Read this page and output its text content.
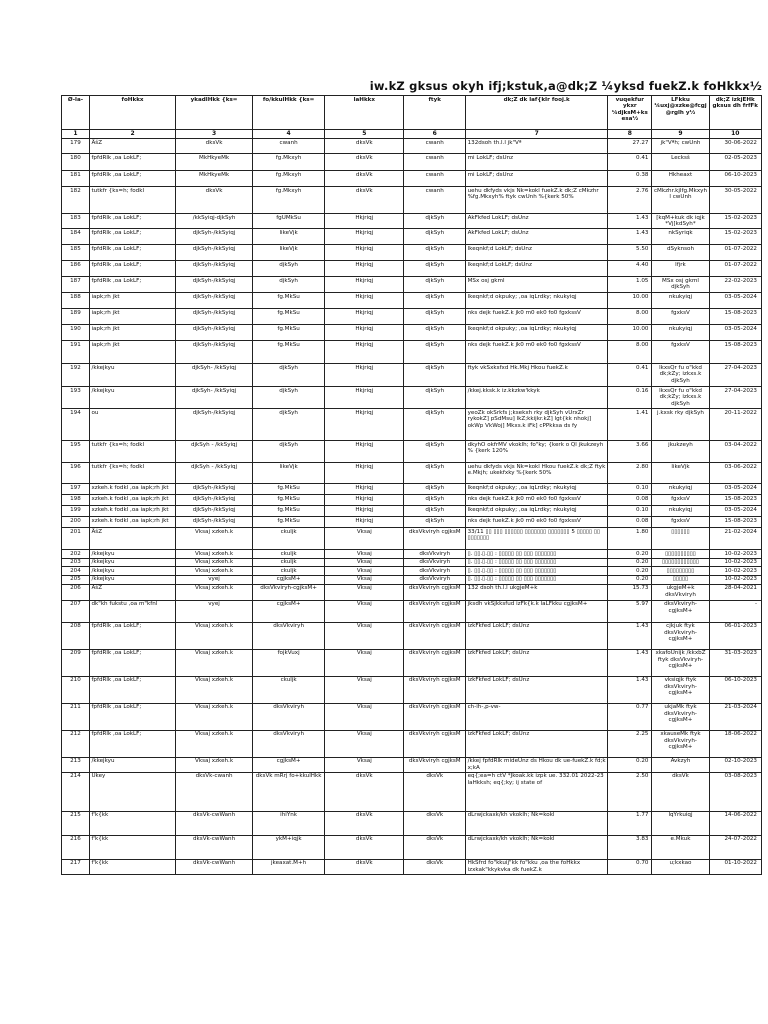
iw.kZ gksus okyh ifj;kstuk,a@dk;Z ¼yksd fuekZ.k foHkkx½
Ø-la-	foHkkx	ykadlHkk {ks=	fo/kkulHkk {ks=	laHkkx	ftyk	dk;Z dk laf{kIr fooj.k	vuqekfur ykxr ¼djksM+ks esa½	LFkku ¼uxj@xzke@fcgj@rglh y½	dk;Z izkjEHk gksus dh frfFk
1	2	3	4	5	6	7	8	9	10
179	ÄšZ	dksVk	cwanh	dksVk	cwanh	132dsoh th.l.l jk"Vª	27.27	jk"Vªh; cwUnh	30-06-2022
180	fpfdRlk ,oa LokLF;	MkHkyeMk	fg.Mkxyh	dksVk	cwanh	mi LokLF; dsUnz	0.41	Lecksš	02-05-2023
181	fpfdRlk ,oa LokLF;	MkHkyeMk	fg.Mkxyh	dksVk	cwanh	mi LokLF; dsUnz	0.38	Hkheaxt	06-10-2023
182	tutkfr {ks=h; fodkl	dksVk	fg.Mkxyh	dksVk	cwanh	uehu dkfyds vkjs Nk=kokl fuekZ.k dk;Z cMkzhr %fg.Mkxyh% ftyk cwUnh %{kerk 50%	2.76	cMkzhr.kjlfg.Mkxyhl cwUnh	30-05-2022
183	fpfdRlk ,oa LokLF;	/kkSyiqj-djkSyh	fgUMkSu	Hkjriqj	djkSyh	AkFkfed LokLF; dsUnz	1.43	[kqM+kuk dk iqjk *Vj[kdSyh*	15-02-2023
184	fpfdRlk ,oa LokLF;	djkSyh-/kkSyiqj	likeVjk	Hkjriqj	djkSyh	AkFkfed LokLF; dsUnz	1.43	nkSyriqk	15-02-2023
185	fpfdRlk ,oa LokLF;	djkSyh-/kkSyiqj	likeVjk	Hkjriqj	djkSyh	lkeqnkf;d LokLF; dsUnz	5.50	dSyknsoh	01-07-2022
186	fpfdRlk ,oa LokLF;	djkSyh-/kkSyiqj	djkSyh	Hkjriqj	djkSyh	lkeqnkf;d LokLF; dsUnz	4.40	lfjrk	01-07-2022
187	fpfdRlk ,oa LokLF;	djkSyh-/kkSyiqj	djkSyh	Hkjriqj	djkSyh	MSx osj gkml	1.05	MSx osj gkml djkSyh	22-02-2023
188	iapk;rh jkt	djkSyh-/kkSyiqj	fg.MkSu	Hkjriqj	djkSyh	lkeqnkf;d okpuky; ,oa iqLrdky; nkukyiqj	10.00	nkukyiqj	03-05-2024
189	iapk;rh jkt	djkSyh-/kkSyiqj	fg.MkSu	Hkjriqj	djkSyh	nks dejk fuekZ.k jk0 m0 ek0 fo0 fgxkssV	8.00	fgxksV	15-08-2023
190	iapk;rh jkt	djkSyh-/kkSyiqj	fg.MkSu	Hkjriqj	djkSyh	lkeqnkf;d okpuky; ,oa iqLrdky; nkukyiqj	10.00	nkukyiqj	03-05-2024
191	iapk;rh jkt	djkSyh-/kkSyiqj	fg.MkSu	Hkjriqj	djkSyh	nks dejk fuekZ.k jk0 m0 ek0 fo0 fgxkssV	8.00	fgxksV	15-08-2023
192	/kkejkyu	djkSyh- /kkSyiqj	djkSyh	Hkjriqj	djkSyh	ftyk vkSxksfxd Hk.Mkj Hkou fuekZ.k	0.41	lkxsQr fu o"kkd dk;kZy; izkxs.k djkSyh	27-04-2023
193	/kkejkyu	djkSyh- /kkSyiqj	djkSyh	Hkjriqj	djkSyh	/kkej.kksk.k iz.kkzkw'kkyk	0.16	lkxsQr fu o"kkd dk;kZy; izkxs.k djkSyh	27-04-2023
194	ou	djkSyh-/kkSyiqj	djkSyh	Hkjriqj	djkSyh	yeoZk okSrkfs j;ksekxh rky djkSyh vUrxZr rykokZ] pSdMsu] lkZ;kkijkr.kZ] lgt{kk nhokj] okWp VkWoj] Mkxs.k iFk] cPPkksa ds fy	1.41	j.kxsk rky djkSyh	20-11-2022
195	tutkfr {ks=h; fodkl	djkSyh - /kkSyiqj	djkSyh	Hkjriqj	djkSyh	dkyhO okfrMV vkoklh; fo"ky; {kerk o Ql jkukzeyh % {kerk 120%	3.66	jkukzeyh	03-04-2022
196	tutkfr {ks=h; fodkl	djkSyh - /kkSyiqj	likeVjk	Hkjriqj	djkSyh	uehu dkfyds vkjs Nk=kokl Hkou fuekZ.k dk;Z ftyk e.Mkjh; ukekfxky %{kerk 50%	2.80	likeVjk	03-06-2022
197	xzkeh.k fodkl ,oa iapk;rh jkt	djkSyh-/kkSyiqj	fg.MkSu	Hkjriqj	djkSyh	lkeqnkf;d okpuky; ,oa iqLrdky; nkukyiqj	0.10	nkukyiqj	03-05-2024
198	xzkeh.k fodkl ,oa iapk;rh jkt	djkSyh-/kkSyiqj	fg.MkSu	Hkjriqj	djkSyh	nks dejk fuekZ.k jk0 m0 ek0 fo0 fgxkssV	0.08	fgxksV	15-08-2023
199	xzkeh.k fodkl ,oa iapk;rh jkt	djkSyh-/kkSyiqj	fg.MkSu	Hkjriqj	djkSyh	lkeqnkf;d okpuky; ,oa iqLrdky; nkukyiqj	0.10	nkukyiqj	03-05-2024
200	xzkeh.k fodkl ,oa iapk;rh jkt	djkSyh-/kkSyiqj	fg.MkSu	Hkjriqj	djkSyh	nks dejk fuekZ.k jk0 m0 ek0 fo0 fgxkssV	0.08	fgxksV	15-08-2023
201	ÄšZ	Vksaj xzkeh.k	ckuljk	Vksaj	dksVkviryh cgjksM	33/11 ▯▯ ▯▯▯ ▯▯▯▯▯▯ ▯▯▯▯▯▯▯ ▯▯▯▯▯▯▯ 5 ▯▯▯▯▯ ▯▯ ▯▯▯▯▯▯▯	1.80	▯▯▯▯▯▯	21-02-2024
202	/kkejkyu	Vksaj xzkeh.k	ckuljk	Vksaj	dksVkviryh	▯. ▯▯.▯.▯▯ : ▯▯▯▯▯ ▯▯ ▯▯▯ ▯▯▯▯▯▯▯	0.20	▯▯▯▯▯▯▯▯▯▯	10-02-2023
203	/kkejkyu	Vksaj xzkeh.k	ckuljk	Vksaj	dksVkviryh	▯. ▯▯.▯.▯▯ : ▯▯▯▯▯ ▯▯ ▯▯▯ ▯▯▯▯▯▯▯	0.20	▯▯▯▯▯▯▯▯▯▯▯▯	10-02-2023
204	/kkejkyu	Vksaj xzkeh.k	ckuljk	Vksaj	dksVkviryh	▯. ▯▯.▯.▯▯ : ▯▯▯▯▯ ▯▯ ▯▯▯ ▯▯▯▯▯▯▯	0.20	▯▯▯▯▯▯▯▯▯	10-02-2023
205	/kkejkyu	vyej	cgjksM+	Vksaj	dksVkviryh	▯. ▯▯.▯.▯▯ : ▯▯▯▯▯ ▯▯ ▯▯▯ ▯▯▯▯▯▯▯	0.20	▯▯▯▯▯	10-02-2023
206	ÄšZ	Vksaj xzkeh.k	dksVkviryh-cgjksM+	Vksaj	dksVkviryh cgjksM	132 dsoh th.l.l ukgjeM+k	15.73	ukgjeM+k dksVkviryh	28-04-2021
207	dk"kh fukstu ,oa m"kfnl	vyej	cgjksM+	Vksaj	dksVkviryh cgjksM	jksdh vkSjkksfud izFk{k.k laLFkku cgjksM+	5.97	dksVkviryh-cgjksM+	-
208	fpfdRlk ,oa LokLF;	Vksaj xzkeh.k	dksVkviryh	Vksaj	dksVkviryh cgjksM	izkFkfed LokLF; dsUnz	1.43	cjkjuk ftyk dksVkviryh-cgjksM+	06-01-2023
209	fpfdRlk ,oa LokLF;	Vksaj xzkeh.k	fojkVuxj	Vksaj	dksVkviryh cgjksM	izkFkfed LokLF; dsUnz	1.43	xkafoUnijk /kkxbZ ftyk dksVkviryh-cgjksM+	31-03-2023
210	fpfdRlk ,oa LokLF;	Vksaj xzkeh.k	ckuljk	Vksaj	dksVkviryh cgjksM	izkFkfed LokLF; dsUnz	1.43	vksiqjk ftyk dksVkviryh-cgjksM+	06-10-2023
211	fpfdRlk ,oa LokLF;	Vksaj xzkeh.k	dksVkviryh	Vksaj	dksVkviryh cgjksM	ch-ih-,p-vw-	0.77	ukjaMk ftyk dksVkviryh-cgjksM+	21-03-2024
212	fpfdRlk ,oa LokLF;	Vksaj xzkeh.k	dksVkviryh	Vksaj	dksVkviryh cgjksM	izkFkfed LokLF; dsUnz	2.25	xkauseMk ftyk dksVkviryh-cgjksM+	18-06-2022
213	/kkejkyu	Vksaj xzkeh.k	cgjksM+	Vksaj	dksVkviryh cgjksM	/kkej fpfdRlk mideUnz ds Hkou dk ue-fuekZ.k fd;k x;kA	0.20	Avkzyh	02-10-2023
214	Ükey	dksVk-cwanh	dksVk mRrj fo+kkulHkk	dksVk	dksVk	eq{;ea=h ctV *Jkoak.kk izpk ue. 332.01 2022-23 laHkksh; eq{;ky; ij state of	2.50	dksVk	03-08-2023
215	f'k{kk	dksVk-cwWanh	ihiYnk	dksVk	dksVk	dLrwjckaxk/kh vkoklh; Nk=kokl	1.77	lqYrkuiqj	14-06-2022
216	f'k{kk	dksVk-cwWanh	ykM+iqjk	dksVk	dksVk	dLrwjckaxk/kh vkoklh; Nk=kokl	3.83	e.Mkuk	24-07-2022
217	f'k{kk	dksVk-cwWanh	jkeaxat.M+h	dksVk	dksVk	HkSfrd fo"kkuij"kk fo"kku ,oa the foHkkx izxkak"kkykvka dk fuekZ.k	0.70	u;kxkao	01-10-2022
